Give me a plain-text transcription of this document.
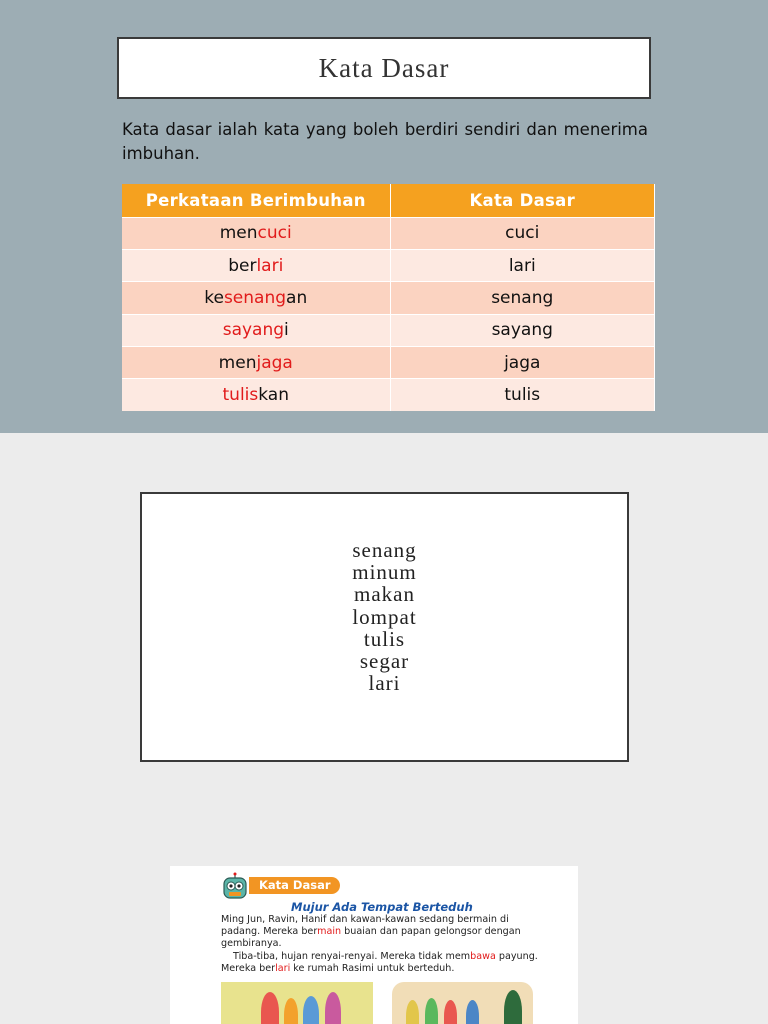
Kata Dasar

Kata dasar ialah kata yang boleh berdiri sendiri dan menerima imbuhan.

Perkataan Berimbuhan	Kata Dasar
mencuci	cuci
berlari	lari
kesenangan	senang
sayangi	sayang
menjaga	jaga
tuliskan	tulis
senang
minum
makan
lompat
tulis
segar
lari
Kata Dasar
Mujur Ada Tempat Berteduh

Ming Jun, Ravin, Hanif dan kawan-kawan sedang bermain di padang. Mereka bermain buaian dan papan gelongsor dengan gembiranya.

Tiba-tiba, hujan renyai-renyai. Mereka tidak membawa payung. Mereka berlari ke rumah Rasimi untuk berteduh.
